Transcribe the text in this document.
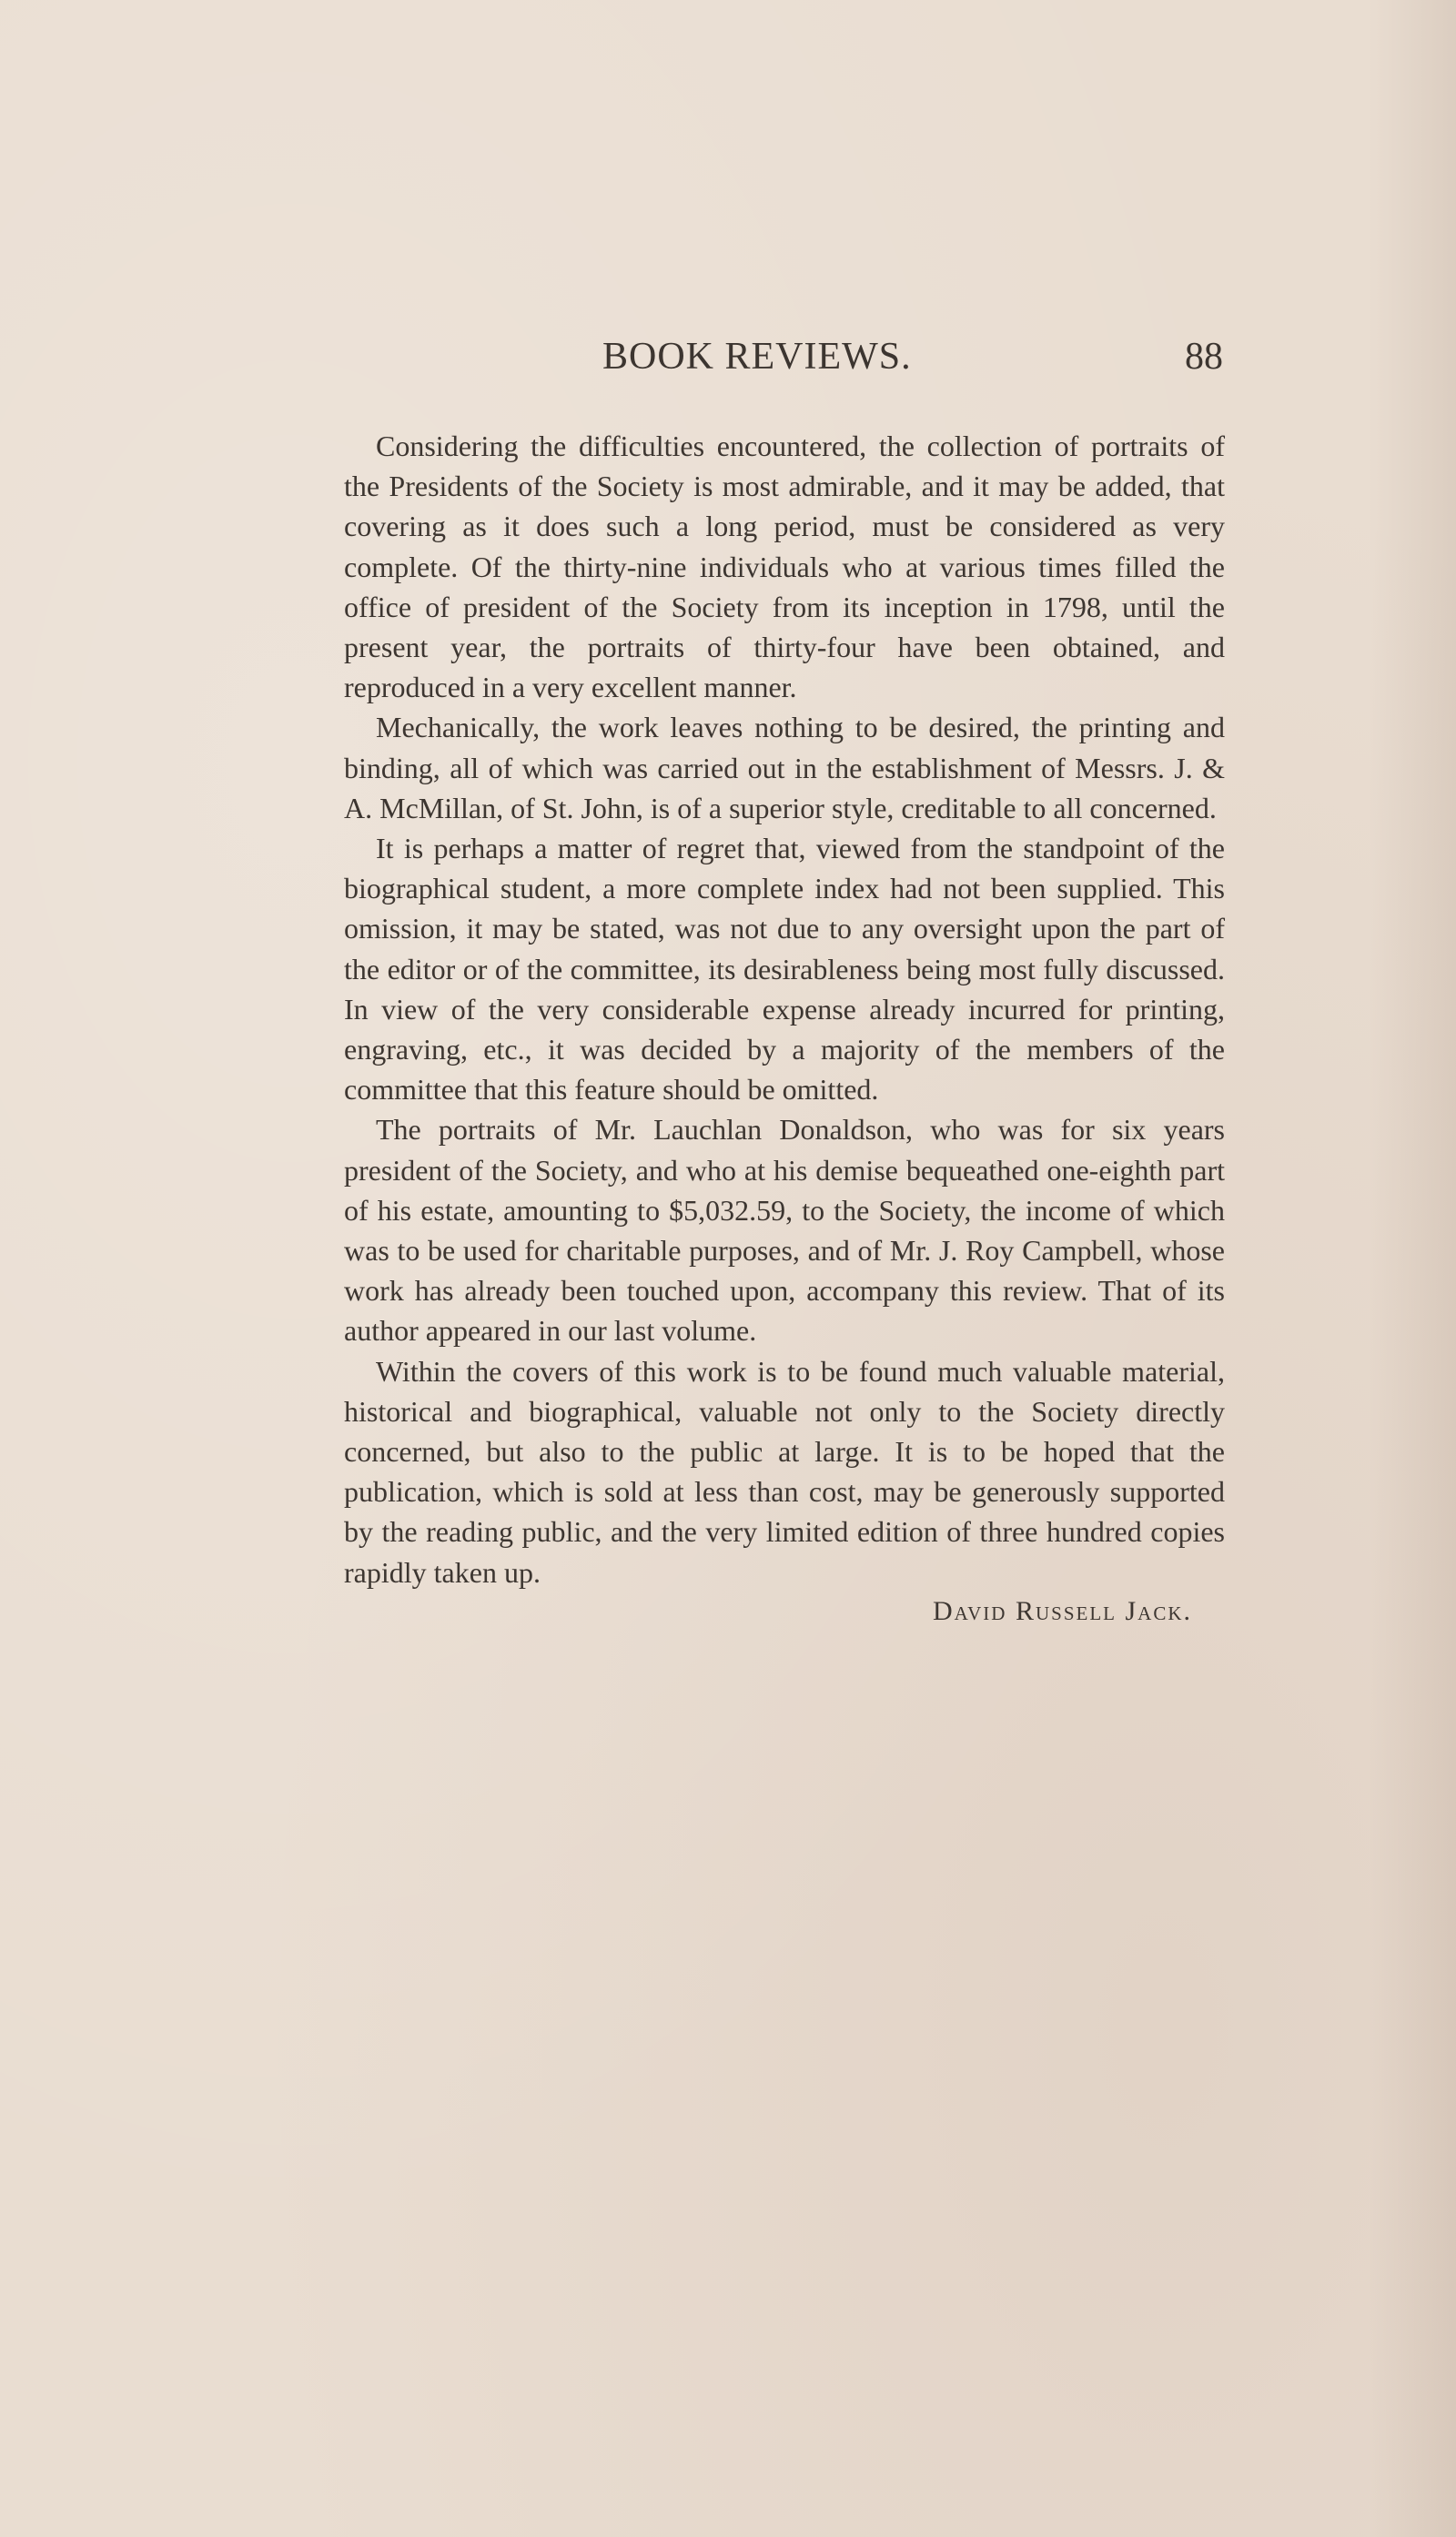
BOOK REVIEWS.	88

Considering the difficulties encountered, the collection of portraits of the Presidents of the Society is most admirable, and it may be added, that covering as it does such a long period, must be considered as very complete. Of the thirty-nine individuals who at various times filled the office of president of the Society from its inception in 1798, until the present year, the portraits of thirty-four have been obtained, and reproduced in a very excellent manner.

Mechanically, the work leaves nothing to be desired, the printing and binding, all of which was carried out in the establishment of Messrs. J. & A. McMillan, of St. John, is of a superior style, creditable to all concerned.

It is perhaps a matter of regret that, viewed from the standpoint of the biographical student, a more complete index had not been supplied. This omission, it may be stated, was not due to any oversight upon the part of the editor or of the committee, its desirableness being most fully discussed. In view of the very considerable expense already incurred for printing, engraving, etc., it was decided by a majority of the members of the committee that this feature should be omitted.

The portraits of Mr. Lauchlan Donaldson, who was for six years president of the Society, and who at his demise bequeathed one-eighth part of his estate, amounting to $5,032.59, to the Society, the income of which was to be used for charitable purposes, and of Mr. J. Roy Campbell, whose work has already been touched upon, accompany this review. That of its author appeared in our last volume.

Within the covers of this work is to be found much valuable material, historical and biographical, valuable not only to the Society directly concerned, but also to the public at large. It is to be hoped that the publication, which is sold at less than cost, may be generously supported by the reading public, and the very limited edition of three hundred copies rapidly taken up.

David Russell Jack.
